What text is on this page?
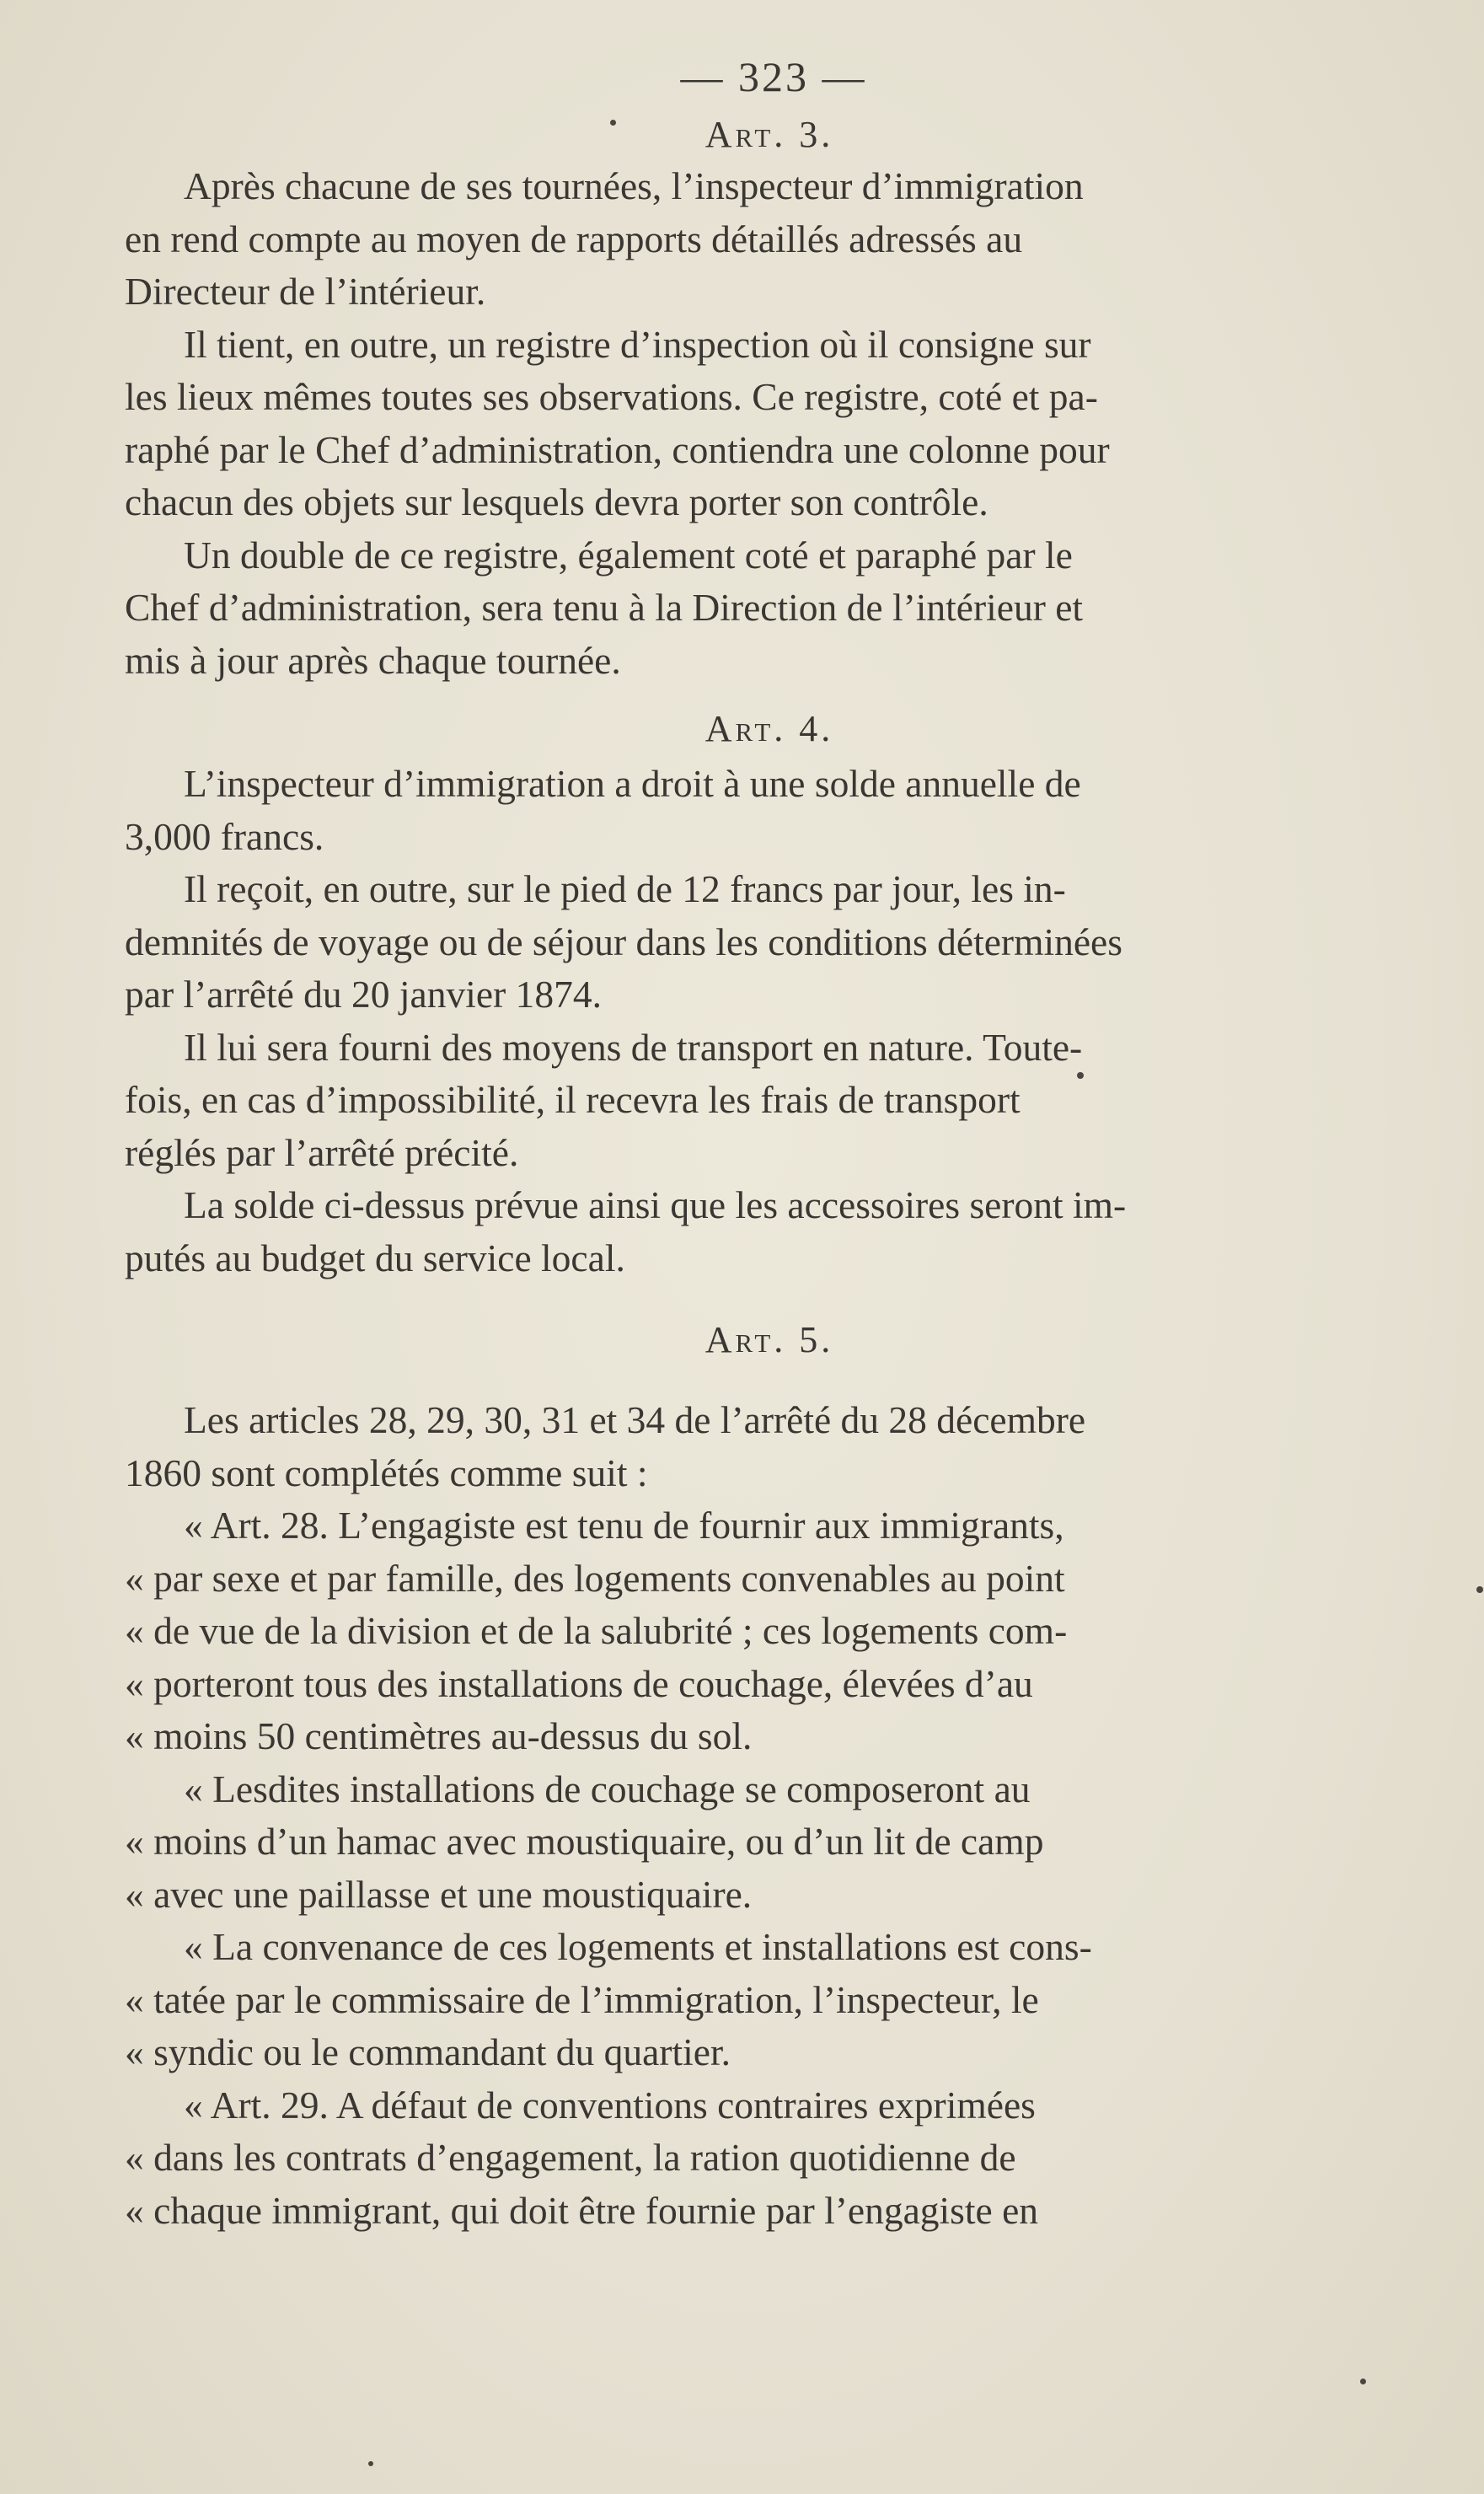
— 323 —
Art. 3.

Après chacune de ses tournées, l’inspecteur d’immigration
en rend compte au moyen de rapports détaillés adressés au
Directeur de l’intérieur.

Il tient, en outre, un registre d’inspection où il consigne sur
les lieux mêmes toutes ses observations. Ce registre, coté et pa-
raphé par le Chef d’administration, contiendra une colonne pour
chacun des objets sur lesquels devra porter son contrôle.

Un double de ce registre, également coté et paraphé par le
Chef d’administration, sera tenu à la Direction de l’intérieur et
mis à jour après chaque tournée.

Art. 4.

L’inspecteur d’immigration a droit à une solde annuelle de
3,000 francs.

Il reçoit, en outre, sur le pied de 12 francs par jour, les in-
demnités de voyage ou de séjour dans les conditions déterminées
par l’arrêté du 20 janvier 1874.

Il lui sera fourni des moyens de transport en nature. Toute-
fois, en cas d’impossibilité, il recevra les frais de transport
réglés par l’arrêté précité.

La solde ci-dessus prévue ainsi que les accessoires seront im-
putés au budget du service local.

Art. 5.

Les articles 28, 29, 30, 31 et 34 de l’arrêté du 28 décembre
1860 sont complétés comme suit :

« Art. 28. L’engagiste est tenu de fournir aux immigrants,
« par sexe et par famille, des logements convenables au point
« de vue de la division et de la salubrité ; ces logements com-
« porteront tous des installations de couchage, élevées d’au
« moins 50 centimètres au-dessus du sol.

« Lesdites installations de couchage se composeront au
« moins d’un hamac avec moustiquaire, ou d’un lit de camp
« avec une paillasse et une moustiquaire.

« La convenance de ces logements et installations est cons-
« tatée par le commissaire de l’immigration, l’inspecteur, le
« syndic ou le commandant du quartier.

« Art. 29. A défaut de conventions contraires exprimées
« dans les contrats d’engagement, la ration quotidienne de
« chaque immigrant, qui doit être fournie par l’engagiste en
